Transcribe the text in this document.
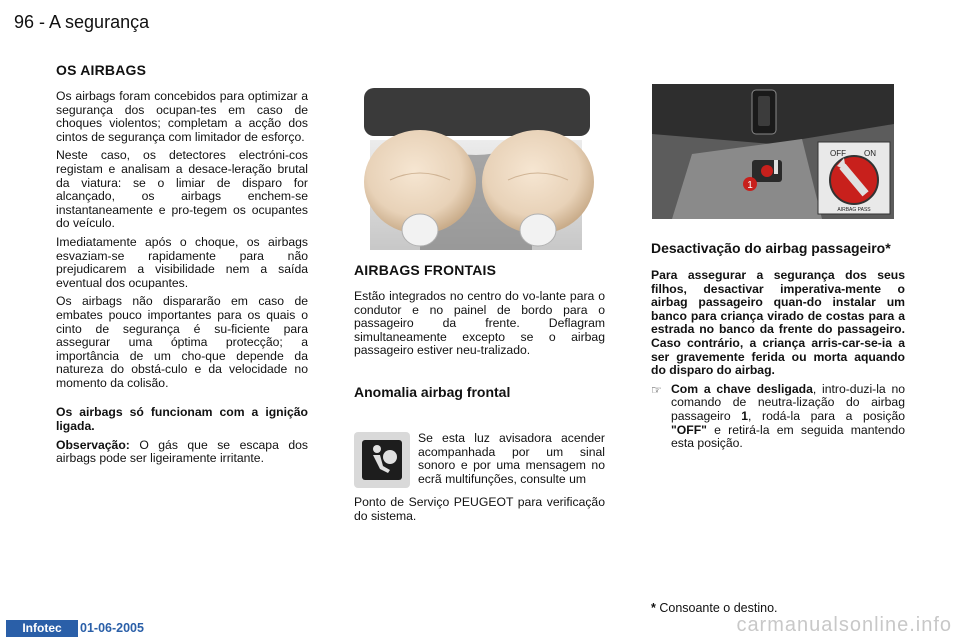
96 - A segurança
OS AIRBAGS

Os airbags foram concebidos para optimizar a segurança dos ocupan-tes em caso de choques violentos; completam a acção dos cintos de segurança com limitador de esforço.

Neste caso, os detectores electróni-cos registam e analisam a desace-leração brutal da viatura: se o limiar de disparo for alcançado, os airbags enchem-se instantaneamente e pro-tegem os ocupantes do veículo.

Imediatamente após o choque, os airbags esvaziam-se rapidamente para não prejudicarem a visibilidade nem a saída eventual dos ocupantes.

Os airbags não dispararão em caso de embates pouco importantes para os quais o cinto de segurança é su-ficiente para assegurar uma óptima protecção; a importância de um cho-que depende da natureza do obstá-culo e da velocidade no momento da colisão.

Os airbags só funcionam com a ignição ligada.

Observação: O gás que se escapa dos airbags pode ser ligeiramente irritante.

AIRBAGS FRONTAIS

Estão integrados no centro do vo-lante para o condutor e no painel de bordo para o passageiro da frente. Deflagram simultaneamente excepto se o airbag passageiro estiver neu-tralizado.

Anomalia airbag frontal

Se esta luz avisadora acender acompanhada por um sinal sonoro e por uma mensagem no ecrã multifunções, consulte um

Ponto de Serviço PEUGEOT para verificação do sistema.

1
OFF ON
AIRBAG PASS
Desactivação do airbag passageiro*

Para assegurar a segurança dos seus filhos, desactivar imperativa-mente o airbag passageiro quan-do instalar um banco para criança virado de costas para a estrada no banco da frente do passageiro. Caso contrário, a criança arris-car-se-ia a ser gravemente ferida ou morta aquando do disparo do airbag.

☞ Com a chave desligada, intro-duzi-la no comando de neutra-lização do airbag passageiro 1, rodá-la para a posição "OFF" e retirá-la em seguida mantendo esta posição.
* Consoante o destino.
Infotec	01-06-2005	carmanualsonline.info
